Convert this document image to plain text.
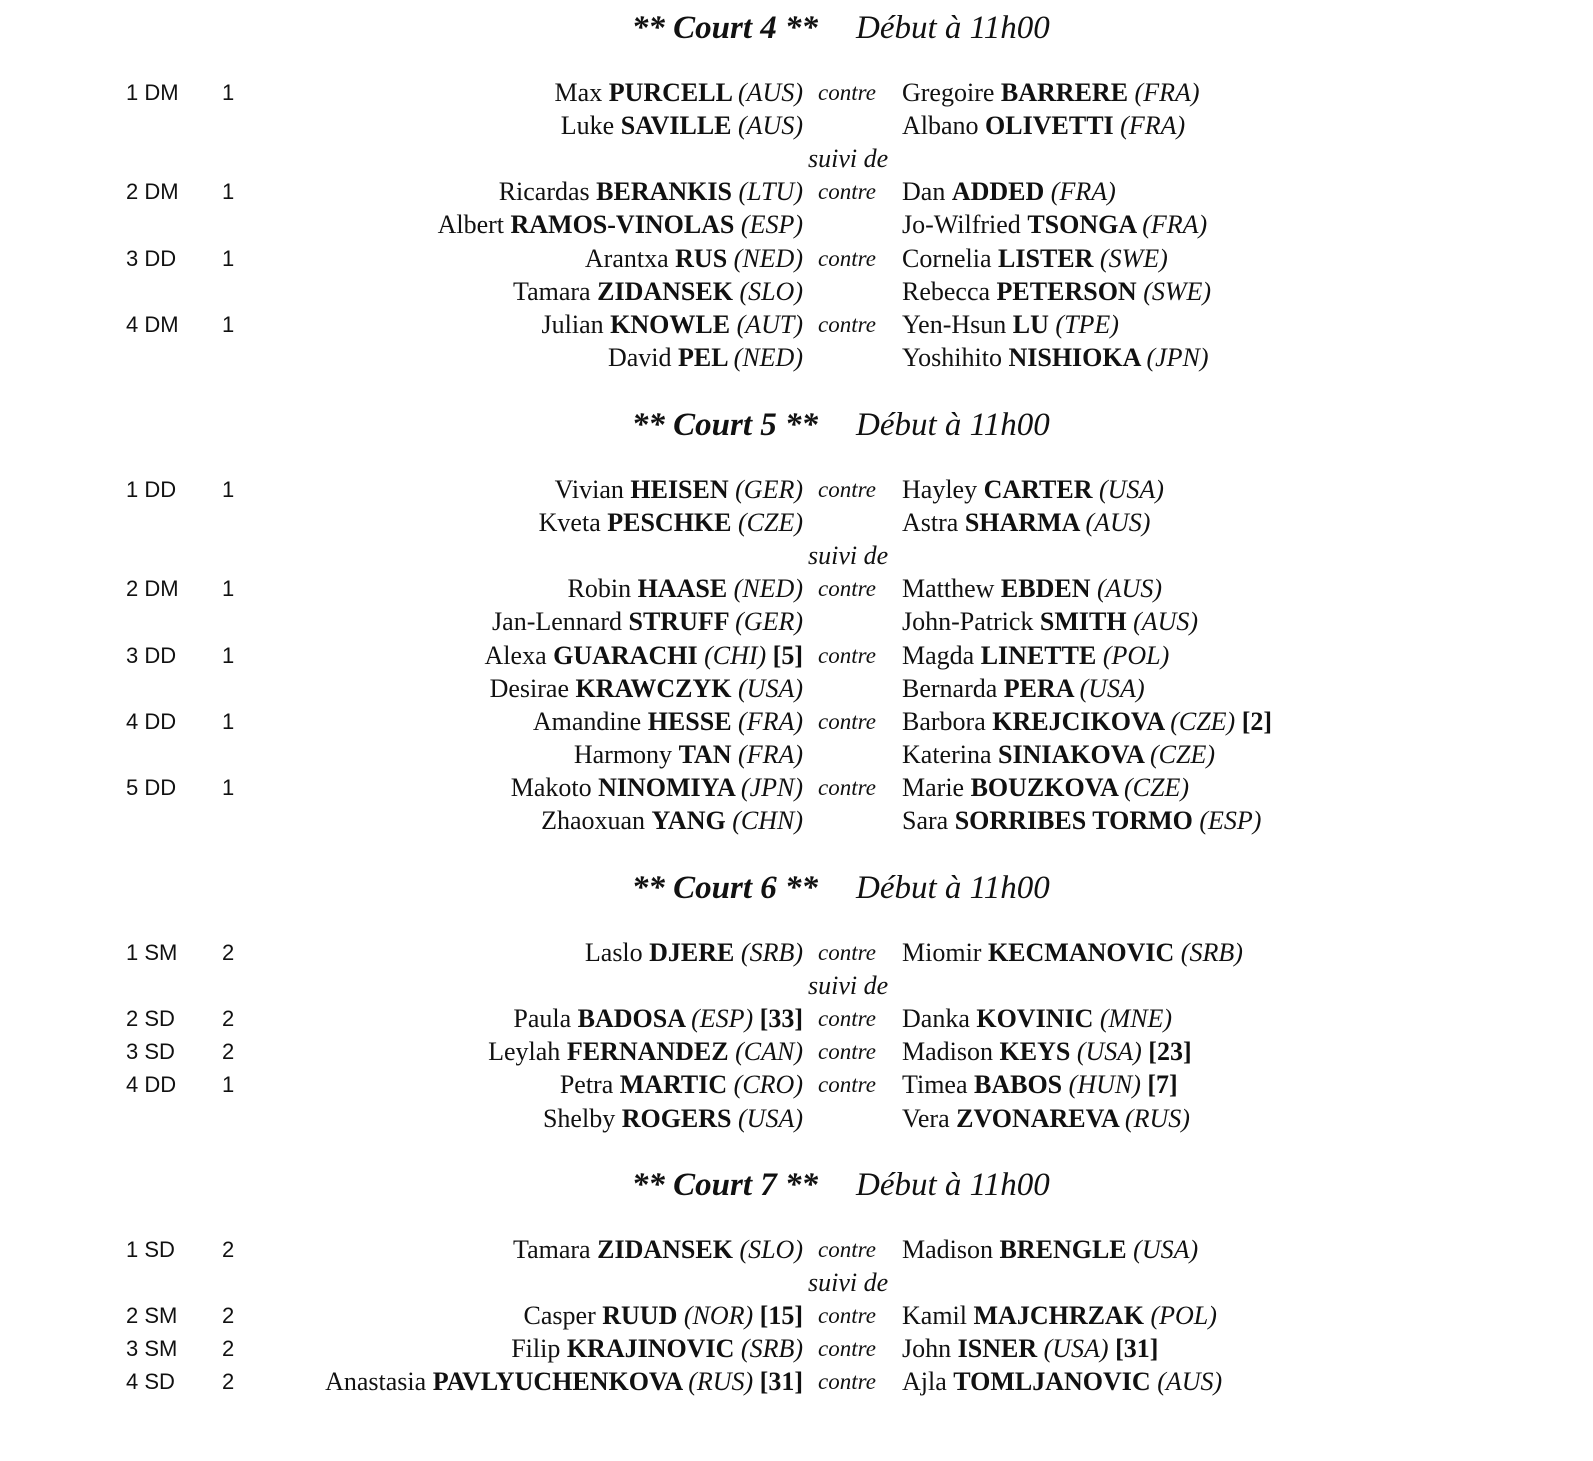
** Court 4 ** Début à 11h00
1 DM 1	Max PURCELL (AUS) contre Gregoire BARRERE (FRA)
Luke SAVILLE (AUS)	Albano OLIVETTI (FRA)
suivi de
2 DM 1	Ricardas BERANKIS (LTU) contre Dan ADDED (FRA)
Albert RAMOS-VINOLAS (ESP)	Jo-Wilfried TSONGA (FRA)
3 DD 1	Arantxa RUS (NED) contre Cornelia LISTER (SWE)
Tamara ZIDANSEK (SLO)	Rebecca PETERSON (SWE)
4 DM 1	Julian KNOWLE (AUT) contre Yen-Hsun LU (TPE)
David PEL (NED)	Yoshihito NISHIOKA (JPN)
** Court 5 ** Début à 11h00
1 DD 1	Vivian HEISEN (GER) contre Hayley CARTER (USA)
Kveta PESCHKE (CZE)	Astra SHARMA (AUS)
suivi de
2 DM 1	Robin HAASE (NED) contre Matthew EBDEN (AUS)
Jan-Lennard STRUFF (GER)	John-Patrick SMITH (AUS)
3 DD 1	Alexa GUARACHI (CHI) [5] contre Magda LINETTE (POL)
Desirae KRAWCZYK (USA)	Bernarda PERA (USA)
4 DD 1	Amandine HESSE (FRA) contre Barbora KREJCIKOVA (CZE) [2]
Harmony TAN (FRA)	Katerina SINIAKOVA (CZE)
5 DD 1	Makoto NINOMIYA (JPN) contre Marie BOUZKOVA (CZE)
Zhaoxuan YANG (CHN)	Sara SORRIBES TORMO (ESP)
** Court 6 ** Début à 11h00
1 SM 2	Laslo DJERE (SRB) contre Miomir KECMANOVIC (SRB)
suivi de
2 SD 2	Paula BADOSA (ESP) [33] contre Danka KOVINIC (MNE)
3 SD 2	Leylah FERNANDEZ (CAN) contre Madison KEYS (USA) [23]
4 DD 1	Petra MARTIC (CRO) contre Timea BABOS (HUN) [7]
Shelby ROGERS (USA)	Vera ZVONAREVA (RUS)
** Court 7 ** Début à 11h00
1 SD 2	Tamara ZIDANSEK (SLO) contre Madison BRENGLE (USA)
suivi de
2 SM 2	Casper RUUD (NOR) [15] contre Kamil MAJCHRZAK (POL)
3 SM 2	Filip KRAJINOVIC (SRB) contre John ISNER (USA) [31]
4 SD 2	Anastasia PAVLYUCHENKOVA (RUS) [31] contre Ajla TOMLJANOVIC (AUS)
